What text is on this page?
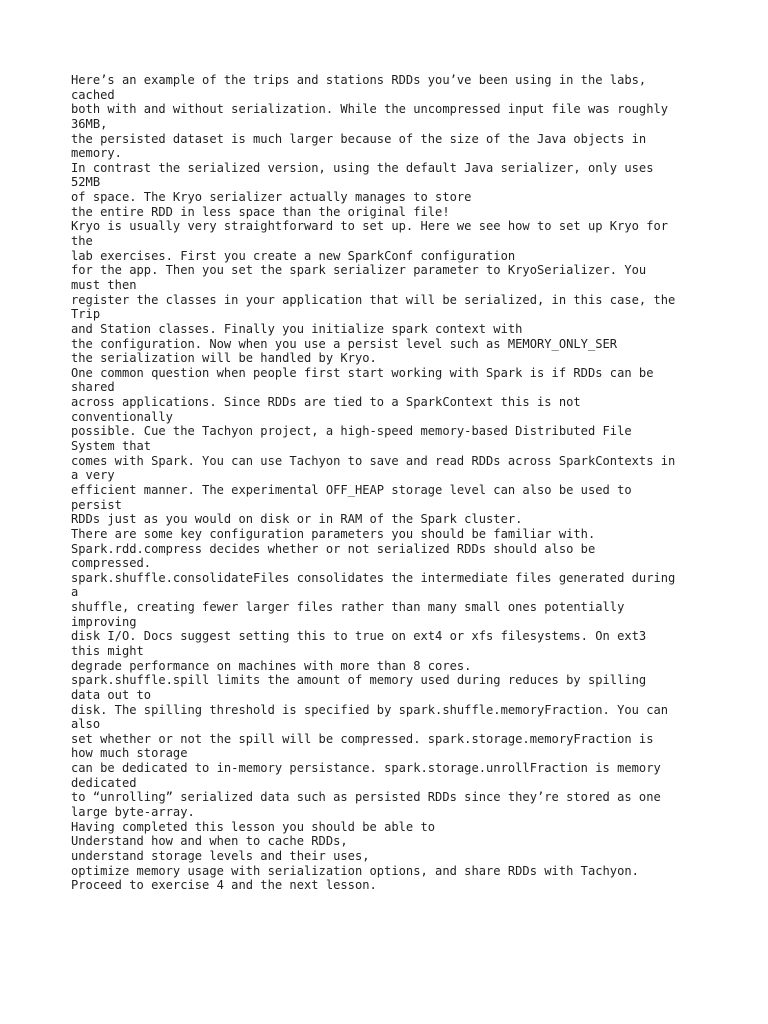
Here’s an example of the trips and stations RDDs you’ve been using in the labs,
cached
both with and without serialization. While the uncompressed input file was roughly
36MB,
the persisted dataset is much larger because of the size of the Java objects in
memory.
In contrast the serialized version, using the default Java serializer, only uses
52MB
of space. The Kryo serializer actually manages to store
the entire RDD in less space than the original file!
Kryo is usually very straightforward to set up. Here we see how to set up Kryo for
the
lab exercises. First you create a new SparkConf configuration
for the app. Then you set the spark serializer parameter to KryoSerializer. You
must then
register the classes in your application that will be serialized, in this case, the
Trip
and Station classes. Finally you initialize spark context with
the configuration. Now when you use a persist level such as MEMORY_ONLY_SER
the serialization will be handled by Kryo.
One common question when people first start working with Spark is if RDDs can be
shared
across applications. Since RDDs are tied to a SparkContext this is not
conventionally
possible. Cue the Tachyon project, a high-speed memory-based Distributed File
System that
comes with Spark. You can use Tachyon to save and read RDDs across SparkContexts in
a very
efficient manner. The experimental OFF_HEAP storage level can also be used to
persist
RDDs just as you would on disk or in RAM of the Spark cluster.
There are some key configuration parameters you should be familiar with.
Spark.rdd.compress decides whether or not serialized RDDs should also be
compressed.
spark.shuffle.consolidateFiles consolidates the intermediate files generated during
a
shuffle, creating fewer larger files rather than many small ones potentially
improving
disk I/O. Docs suggest setting this to true on ext4 or xfs filesystems. On ext3
this might
degrade performance on machines with more than 8 cores.
spark.shuffle.spill limits the amount of memory used during reduces by spilling
data out to
disk. The spilling threshold is specified by spark.shuffle.memoryFraction. You can
also
set whether or not the spill will be compressed. spark.storage.memoryFraction is
how much storage
can be dedicated to in-memory persistance. spark.storage.unrollFraction is memory
dedicated
to “unrolling” serialized data such as persisted RDDs since they’re stored as one
large byte-array.
Having completed this lesson you should be able to
Understand how and when to cache RDDs,
understand storage levels and their uses,
optimize memory usage with serialization options, and share RDDs with Tachyon.
Proceed to exercise 4 and the next lesson.
